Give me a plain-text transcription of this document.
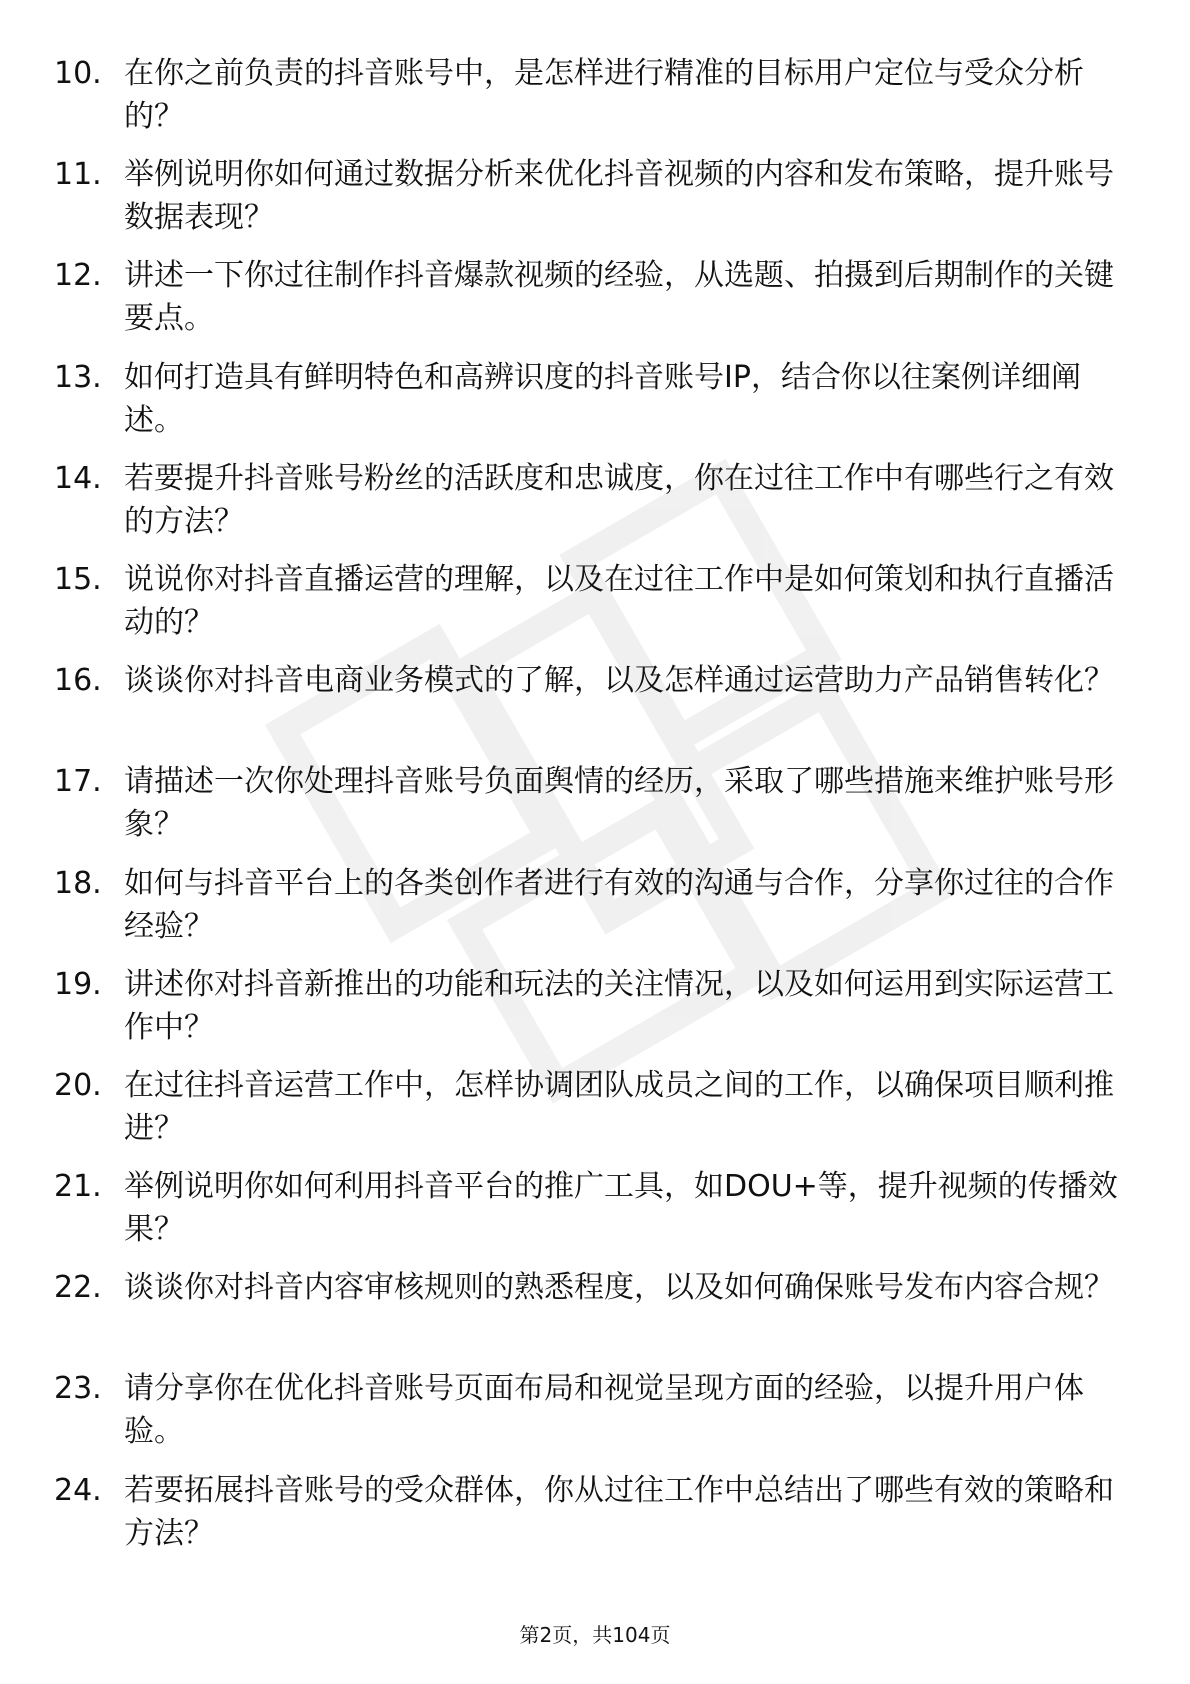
10. 在你之前负责的抖音账号中，是怎样进行精准的目标用户定位与受众分析的？
11. 举例说明你如何通过数据分析来优化抖音视频的内容和发布策略，提升账号数据表现？
12. 讲述一下你过往制作抖音爆款视频的经验，从选题、拍摄到后期制作的关键要点。
13. 如何打造具有鲜明特色和高辨识度的抖音账号IP，结合你以往案例详细阐述。
14. 若要提升抖音账号粉丝的活跃度和忠诚度，你在过往工作中有哪些行之有效的方法？
15. 说说你对抖音直播运营的理解，以及在过往工作中是如何策划和执行直播活动的？
16. 谈谈你对抖音电商业务模式的了解，以及怎样通过运营助力产品销售转化？
17. 请描述一次你处理抖音账号负面舆情的经历，采取了哪些措施来维护账号形象？
18. 如何与抖音平台上的各类创作者进行有效的沟通与合作，分享你过往的合作经验？
19. 讲述你对抖音新推出的功能和玩法的关注情况，以及如何运用到实际运营工作中？
20. 在过往抖音运营工作中，怎样协调团队成员之间的工作，以确保项目顺利推进？
21. 举例说明你如何利用抖音平台的推广工具，如DOU+等，提升视频的传播效果？
22. 谈谈你对抖音内容审核规则的熟悉程度，以及如何确保账号发布内容合规？
23. 请分享你在优化抖音账号页面布局和视觉呈现方面的经验，以提升用户体验。
24. 若要拓展抖音账号的受众群体，你从过往工作中总结出了哪些有效的策略和方法？
第2页，共104页
